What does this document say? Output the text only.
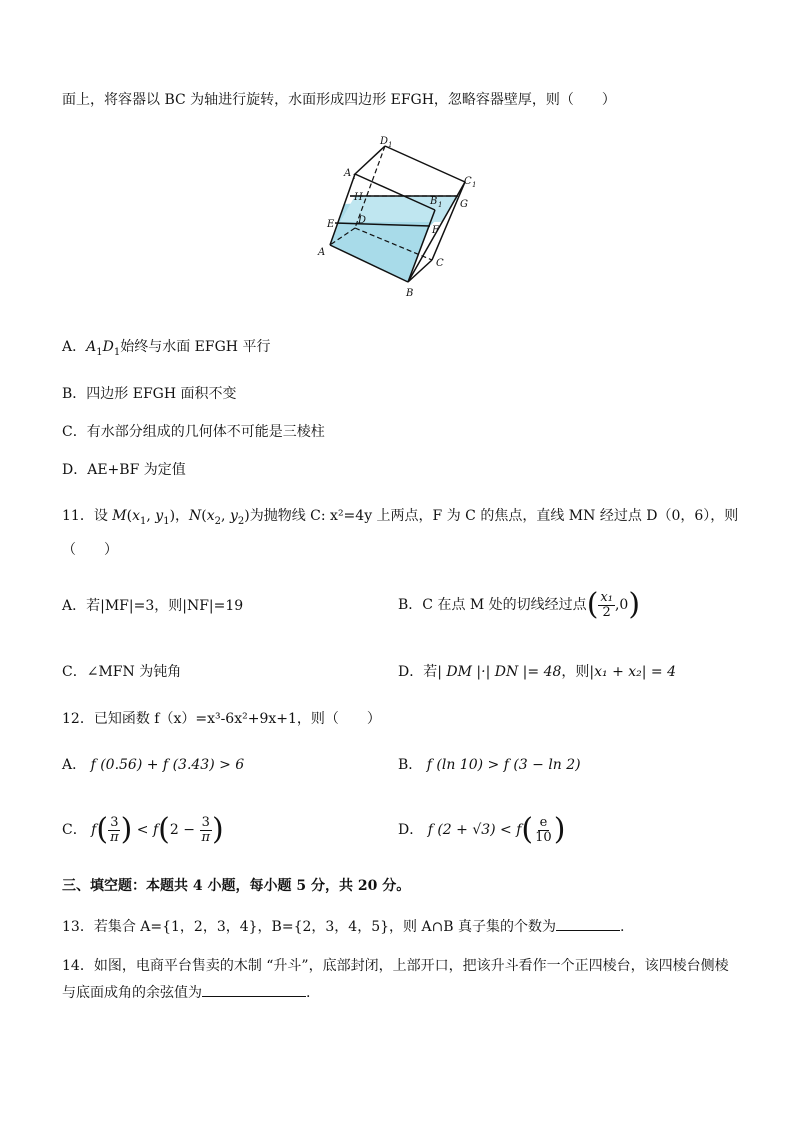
面上，将容器以 BC 为轴进行旋转，水面形成四边形 EFGH，忽略容器壁厚，则（　　）
D 1
A 1	C 1
B 1
H
G
E D
F
A
C
B
A．$A_1D_1$始终与水面 EFGH 平行
B．四边形 EFGH 面积不变
C．有水部分组成的几何体不可能是三棱柱
D．AE+BF 为定值
11．设 $M(x_1$, $y_1$)，$N(x_2$, $y_2$)为抛物线 C: x²=4y 上两点，F 为 C 的焦点，直线 MN 经过点 D（0，6），则
（　　）
A．若|MF|=3，则|NF|=19	B．C 在点 M 处的切线经过点( $\frac{\text{x₁}}{2} ,0$)
C．∠MFN 为钝角	D．若| DM |·| DN |= 48，则|x₁ + x₂| = 4
12．已知函数 f（x）=x³-6x²+9x+1，则（　　）
A． f (0.56) + f (3.43) > 6	B． f (ln 10) > f (3 − ln 2)
C． $f( \frac{3}{\pi}$ ) < $f(2 - \frac{3}{\pi}$ )	D． f $(2 + √3) < f( \frac{e}{10}$ )
三、填空题：本题共 4 小题，每小题 5 分，共 20 分。
13．若集合 A={1，2，3，4}，B={2，3，4，5}，则 A∩B 真子集的个数为	.
14．如图，电商平台售卖的木制 “升斗”，底部封闭，上部开口，把该升斗看作一个正四棱台，该四棱台侧棱
与底面成角的余弦值为	.
